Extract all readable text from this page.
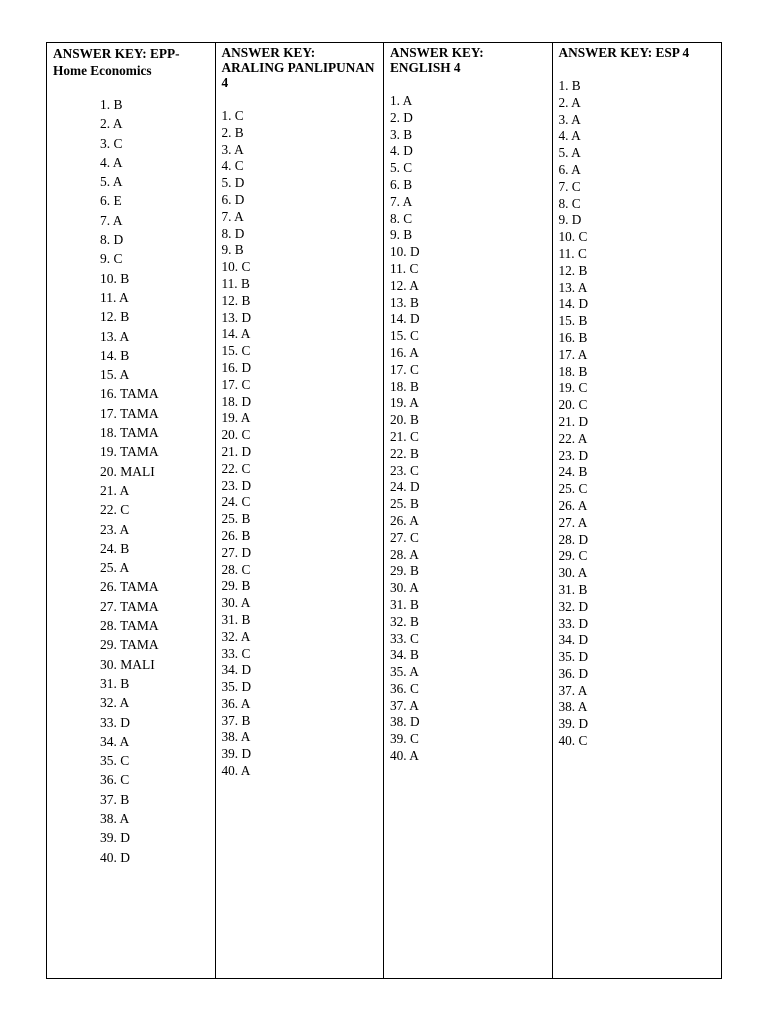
ANSWER KEY: EPP-Home Economics
1. B
2. A
3. C
4. A
5. A
6. E
7. A
8. D
9. C
10. B
11. A
12. B
13. A
14. B
15. A
16. TAMA
17. TAMA
18. TAMA
19. TAMA
20. MALI
21. A
22. C
23. A
24. B
25. A
26. TAMA
27. TAMA
28. TAMA
29. TAMA
30. MALI
31. B
32. A
33. D
34. A
35. C
36. C
37. B
38. A
39. D
40. D
ANSWER KEY: ARALING PANLIPUNAN 4
1. C
2. B
3. A
4. C
5. D
6. D
7. A
8. D
9. B
10. C
11. B
12. B
13. D
14. A
15. C
16. D
17. C
18. D
19. A
20. C
21. D
22. C
23. D
24. C
25. B
26. B
27. D
28. C
29. B
30. A
31. B
32. A
33. C
34. D
35. D
36. A
37. B
38. A
39. D
40. A
ANSWER KEY: ENGLISH 4
1. A
2. D
3. B
4. D
5. C
6. B
7. A
8. C
9. B
10. D
11. C
12. A
13. B
14. D
15. C
16. A
17. C
18. B
19. A
20. B
21. C
22. B
23. C
24. D
25. B
26. A
27. C
28. A
29. B
30. A
31. B
32. B
33. C
34. B
35. A
36. C
37. A
38. D
39. C
40. A
ANSWER KEY: ESP 4
1. B
2. A
3. A
4. A
5. A
6. A
7. C
8. C
9. D
10. C
11. C
12. B
13. A
14. D
15. B
16. B
17. A
18. B
19. C
20. C
21. D
22. A
23. D
24. B
25. C
26. A
27. A
28. D
29. C
30. A
31. B
32. D
33. D
34. D
35. D
36. D
37. A
38. A
39. D
40. C
